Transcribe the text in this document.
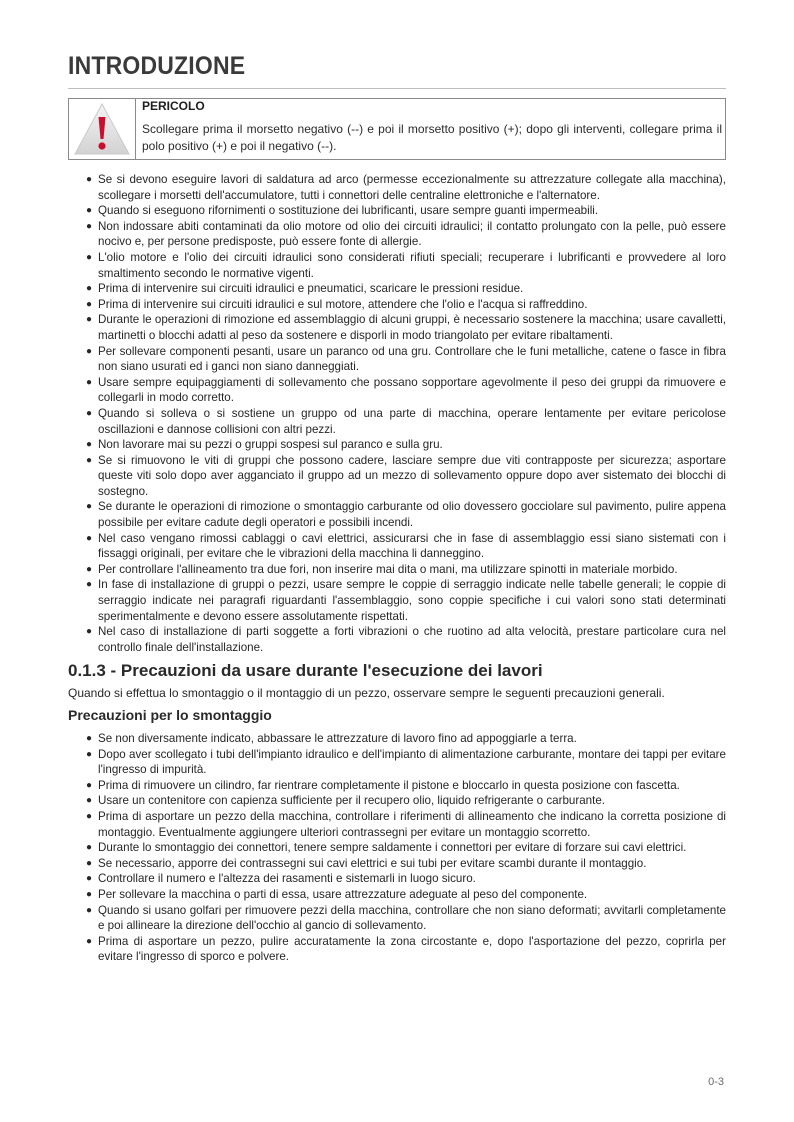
INTRODUZIONE
PERICOLO
Scollegare prima il morsetto negativo (--) e poi il morsetto positivo (+); dopo gli interventi, collegare prima il polo positivo (+) e poi il negativo (--).
● Se si devono eseguire lavori di saldatura ad arco (permesse eccezionalmente su attrezzature collegate alla macchina), scollegare i morsetti dell'accumulatore, tutti i connettori delle centraline elettroniche e l'alternatore.
● Quando si eseguono rifornimenti o sostituzione dei lubrificanti, usare sempre guanti impermeabili.
● Non indossare abiti contaminati da olio motore od olio dei circuiti idraulici; il contatto prolungato con la pelle, può essere nocivo e, per persone predisposte, può essere fonte di allergie.
● L'olio motore e l'olio dei circuiti idraulici sono considerati rifiuti speciali; recuperare i lubrificanti e provvedere al loro smaltimento secondo le normative vigenti.
● Prima di intervenire sui circuiti idraulici e pneumatici, scaricare le pressioni residue.
● Prima di intervenire sui circuiti idraulici e sul motore, attendere che l'olio e l'acqua si raffreddino.
● Durante le operazioni di rimozione ed assemblaggio di alcuni gruppi, è necessario sostenere la macchina; usare cavalletti, martinetti o blocchi adatti al peso da sostenere e disporli in modo triangolato per evitare ribaltamenti.
● Per sollevare componenti pesanti, usare un paranco od una gru. Controllare che le funi metalliche, catene o fasce in fibra non siano usurati ed i ganci non siano danneggiati.
● Usare sempre equipaggiamenti di sollevamento che possano sopportare agevolmente il peso dei gruppi da rimuovere e collegarli in modo corretto.
● Quando si solleva o si sostiene un gruppo od una parte di macchina, operare lentamente per evitare pericolose oscillazioni e dannose collisioni con altri pezzi.
● Non lavorare mai su pezzi o gruppi sospesi sul paranco e sulla gru.
● Se si rimuovono le viti di gruppi che possono cadere, lasciare sempre due viti contrapposte per sicurezza; asportare queste viti solo dopo aver agganciato il gruppo ad un mezzo di sollevamento oppure dopo aver sistemato dei blocchi di sostegno.
● Se durante le operazioni di rimozione o smontaggio carburante od olio dovessero gocciolare sul pavimento, pulire appena possibile per evitare cadute degli operatori e possibili incendi.
● Nel caso vengano rimossi cablaggi o cavi elettrici, assicurarsi che in fase di assemblaggio essi siano sistemati con i fissaggi originali, per evitare che le vibrazioni della macchina li danneggino.
● Per controllare l'allineamento tra due fori, non inserire mai dita o mani, ma utilizzare spinotti in materiale morbido.
● In fase di installazione di gruppi o pezzi, usare sempre le coppie di serraggio indicate nelle tabelle generali; le coppie di serraggio indicate nei paragrafi riguardanti l'assemblaggio, sono coppie specifiche i cui valori sono stati determinati sperimentalmente e devono essere assolutamente rispettati.
● Nel caso di installazione di parti soggette a forti vibrazioni o che ruotino ad alta velocità, prestare particolare cura nel controllo finale dell'installazione.
0.1.3 - Precauzioni da usare durante l'esecuzione dei lavori
Quando si effettua lo smontaggio o il montaggio di un pezzo, osservare sempre le seguenti precauzioni generali.
Precauzioni per lo smontaggio
● Se non diversamente indicato, abbassare le attrezzature di lavoro fino ad appoggiarle a terra.
● Dopo aver scollegato i tubi dell'impianto idraulico e dell'impianto di alimentazione carburante, montare dei tappi per evitare l'ingresso di impurità.
● Prima di rimuovere un cilindro, far rientrare completamente il pistone e bloccarlo in questa posizione con fascetta.
● Usare un contenitore con capienza sufficiente per il recupero olio, liquido refrigerante o carburante.
● Prima di asportare un pezzo della macchina, controllare i riferimenti di allineamento che indicano la corretta posizione di montaggio. Eventualmente aggiungere ulteriori contrassegni per evitare un montaggio scorretto.
● Durante lo smontaggio dei connettori, tenere sempre saldamente i connettori per evitare di forzare sui cavi elettrici.
● Se necessario, apporre dei contrassegni sui cavi elettrici e sui tubi per evitare scambi durante il montaggio.
● Controllare il numero e l'altezza dei rasamenti e sistemarli in luogo sicuro.
● Per sollevare la macchina o parti di essa, usare attrezzature adeguate al peso del componente.
● Quando si usano golfari per rimuovere pezzi della macchina, controllare che non siano deformati; avvitarli completamente e poi allineare la direzione dell'occhio al gancio di sollevamento.
● Prima di asportare un pezzo, pulire accuratamente la zona circostante e, dopo l'asportazione del pezzo, coprirla per evitare l'ingresso di sporco e polvere.
0-3
